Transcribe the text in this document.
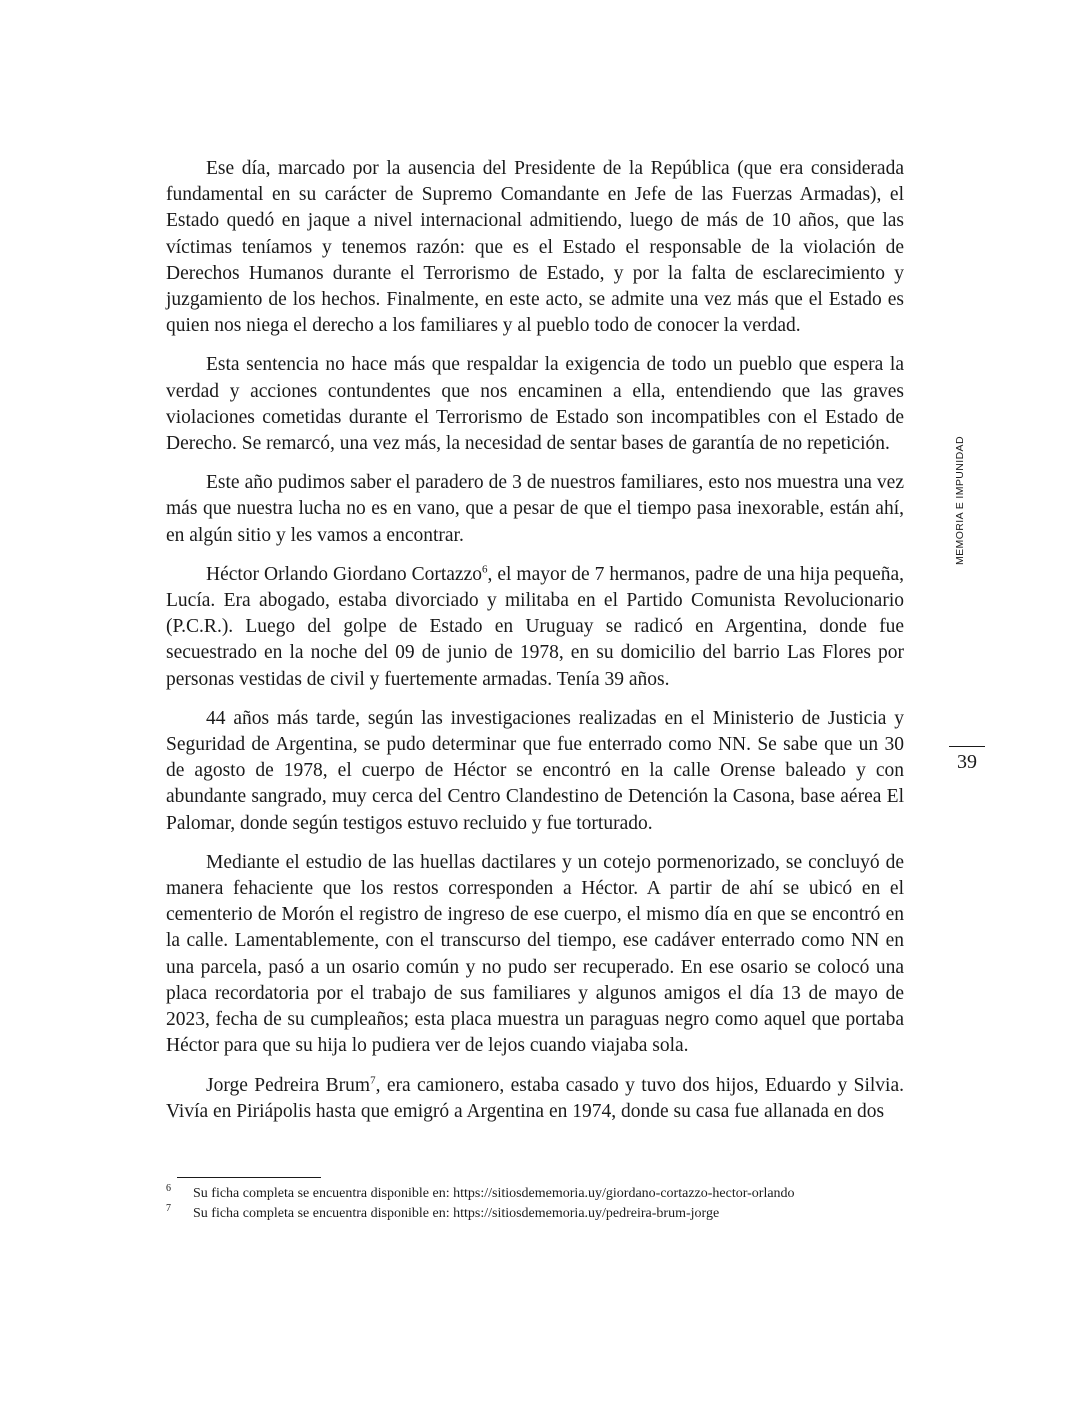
Ese día, marcado por la ausencia del Presidente de la República (que era considerada fundamental en su carácter de Supremo Comandante en Jefe de las Fuerzas Armadas), el Estado quedó en jaque a nivel internacional admitiendo, luego de más de 10 años, que las víctimas teníamos y tenemos razón: que es el Estado el responsable de la violación de Derechos Humanos durante el Terrorismo de Estado, y por la falta de esclarecimiento y juzgamiento de los hechos. Finalmente, en este acto, se admite una vez más que el Estado es quien nos niega el derecho a los familiares y al pueblo todo de conocer la verdad.

Esta sentencia no hace más que respaldar la exigencia de todo un pueblo que espera la verdad y acciones contundentes que nos encaminen a ella, entendiendo que las graves violaciones cometidas durante el Terrorismo de Estado son incompatibles con el Estado de Derecho. Se remarcó, una vez más, la necesidad de sentar bases de garantía de no repetición.

Este año pudimos saber el paradero de 3 de nuestros familiares, esto nos muestra una vez más que nuestra lucha no es en vano, que a pesar de que el tiempo pasa inexorable, están ahí, en algún sitio y les vamos a encontrar.

Héctor Orlando Giordano Cortazzo$^6$, el mayor de 7 hermanos, padre de una hija pequeña, Lucía. Era abogado, estaba divorciado y militaba en el Partido Comunista Revolucionario (P.C.R.). Luego del golpe de Estado en Uruguay se radicó en Argentina, donde fue secuestrado en la noche del 09 de junio de 1978, en su domicilio del barrio Las Flores por personas vestidas de civil y fuertemente armadas. Tenía 39 años.

44 años más tarde, según las investigaciones realizadas en el Ministerio de Justicia y Seguridad de Argentina, se pudo determinar que fue enterrado como NN. Se sabe que un 30 de agosto de 1978, el cuerpo de Héctor se encontró en la calle Orense baleado y con abundante sangrado, muy cerca del Centro Clandestino de Detención la Casona, base aérea El Palomar, donde según testigos estuvo recluido y fue torturado.

Mediante el estudio de las huellas dactilares y un cotejo pormenorizado, se concluyó de manera fehaciente que los restos corresponden a Héctor. A partir de ahí se ubicó en el cementerio de Morón el registro de ingreso de ese cuerpo, el mismo día en que se encontró en la calle. Lamentablemente, con el transcurso del tiempo, ese cadáver enterrado como NN en una parcela, pasó a un osario común y no pudo ser recuperado. En ese osario se colocó una placa recordatoria por el trabajo de sus familiares y algunos amigos el día 13 de mayo de 2023, fecha de su cumpleaños; esta placa muestra un paraguas negro como aquel que portaba Héctor para que su hija lo pudiera ver de lejos cuando viajaba sola.

Jorge Pedreira Brum$^7$, era camionero, estaba casado y tuvo dos hijos, Eduardo y Silvia. Vivía en Piriápolis hasta que emigró a Argentina en 1974, donde su casa fue allanada en dos

MEMORIA E IMPUNIDAD
39
6	Su ficha completa se encuentra disponible en: https://sitiosdememoria.uy/giordano-cortazzo-hector-orlando
7	Su ficha completa se encuentra disponible en: https://sitiosdememoria.uy/pedreira-brum-jorge
